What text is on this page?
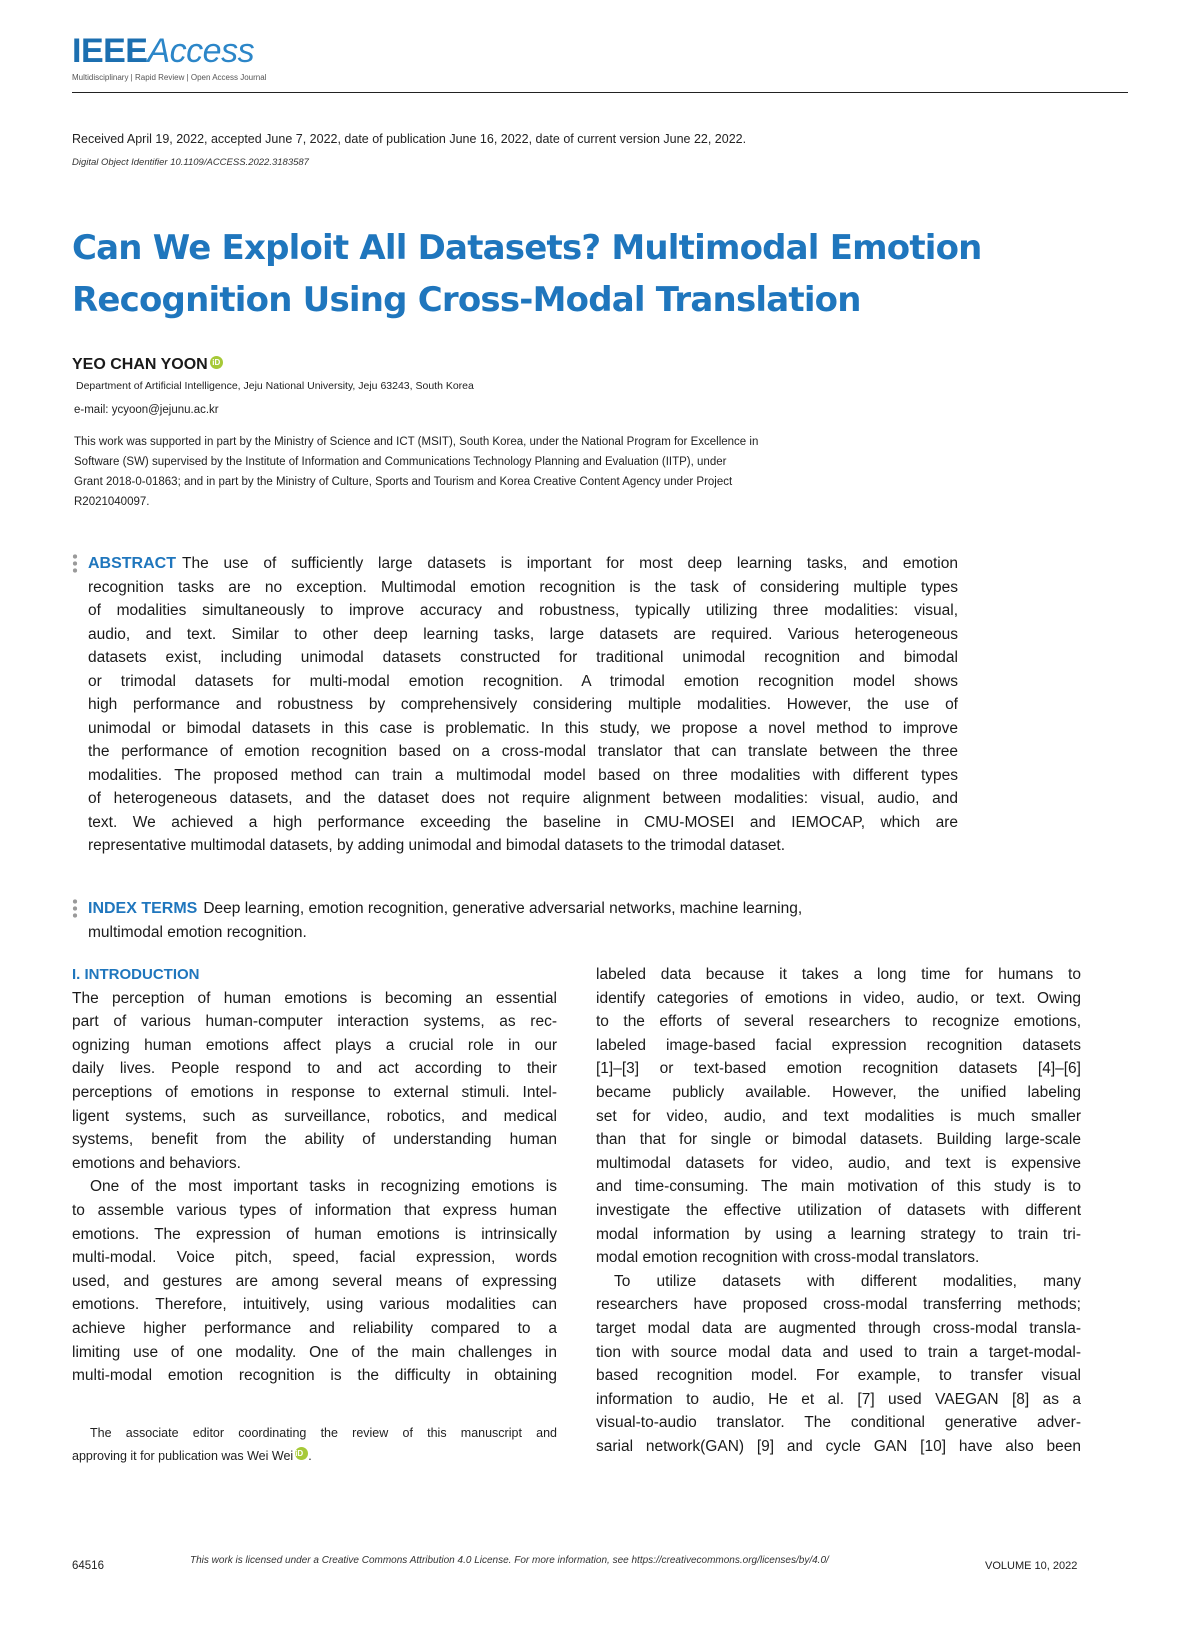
IEEEAccess
Multidisciplinary | Rapid Review | Open Access Journal
Received April 19, 2022, accepted June 7, 2022, date of publication June 16, 2022, date of current version June 22, 2022.
Digital Object Identifier 10.1109/ACCESS.2022.3183587
Can We Exploit All Datasets? Multimodal Emotion
Recognition Using Cross-Modal Translation
YEO CHAN YOON iD
Department of Artificial Intelligence, Jeju National University, Jeju 63243, South Korea
e-mail: ycyoon@jejunu.ac.kr
This work was supported in part by the Ministry of Science and ICT (MSIT), South Korea, under the National Program for Excellence in
Software (SW) supervised by the Institute of Information and Communications Technology Planning and Evaluation (IITP), under
Grant 2018-0-01863; and in part by the Ministry of Culture, Sports and Tourism and Korea Creative Content Agency under Project
R2021040097.
ABSTRACT The use of sufficiently large datasets is important for most deep learning tasks, and emotion
recognition tasks are no exception. Multimodal emotion recognition is the task of considering multiple types
of modalities simultaneously to improve accuracy and robustness, typically utilizing three modalities: visual,
audio, and text. Similar to other deep learning tasks, large datasets are required. Various heterogeneous
datasets exist, including unimodal datasets constructed for traditional unimodal recognition and bimodal
or trimodal datasets for multi-modal emotion recognition. A trimodal emotion recognition model shows
high performance and robustness by comprehensively considering multiple modalities. However, the use of
unimodal or bimodal datasets in this case is problematic. In this study, we propose a novel method to improve
the performance of emotion recognition based on a cross-modal translator that can translate between the three
modalities. The proposed method can train a multimodal model based on three modalities with different types
of heterogeneous datasets, and the dataset does not require alignment between modalities: visual, audio, and
text. We achieved a high performance exceeding the baseline in CMU-MOSEI and IEMOCAP, which are
representative multimodal datasets, by adding unimodal and bimodal datasets to the trimodal dataset.
INDEX TERMS Deep learning, emotion recognition, generative adversarial networks, machine learning,
multimodal emotion recognition.
I. INTRODUCTION
The perception of human emotions is becoming an essential
part of various human-computer interaction systems, as rec-
ognizing human emotions affect plays a crucial role in our
daily lives. People respond to and act according to their
perceptions of emotions in response to external stimuli. Intel-
ligent systems, such as surveillance, robotics, and medical
systems, benefit from the ability of understanding human
emotions and behaviors.
One of the most important tasks in recognizing emotions is
to assemble various types of information that express human
emotions. The expression of human emotions is intrinsically
multi-modal. Voice pitch, speed, facial expression, words
used, and gestures are among several means of expressing
emotions. Therefore, intuitively, using various modalities can
achieve higher performance and reliability compared to a
limiting use of one modality. One of the main challenges in
multi-modal emotion recognition is the difficulty in obtaining
The associate editor coordinating the review of this manuscript and
approving it for publication was Wei Wei iD .
labeled data because it takes a long time for humans to
identify categories of emotions in video, audio, or text. Owing
to the efforts of several researchers to recognize emotions,
labeled image-based facial expression recognition datasets
[1]–[3] or text-based emotion recognition datasets [4]–[6]
became publicly available. However, the unified labeling
set for video, audio, and text modalities is much smaller
than that for single or bimodal datasets. Building large-scale
multimodal datasets for video, audio, and text is expensive
and time-consuming. The main motivation of this study is to
investigate the effective utilization of datasets with different
modal information by using a learning strategy to train tri-
modal emotion recognition with cross-modal translators.
To utilize datasets with different modalities, many
researchers have proposed cross-modal transferring methods;
target modal data are augmented through cross-modal transla-
tion with source modal data and used to train a target-modal-
based recognition model. For example, to transfer visual
information to audio, He et al. [7] used VAEGAN [8] as a
visual-to-audio translator. The conditional generative adver-
sarial network(GAN) [9] and cycle GAN [10] have also been
64516	This work is licensed under a Creative Commons Attribution 4.0 License. For more information, see https://creativecommons.org/licenses/by/4.0/	VOLUME 10, 2022
